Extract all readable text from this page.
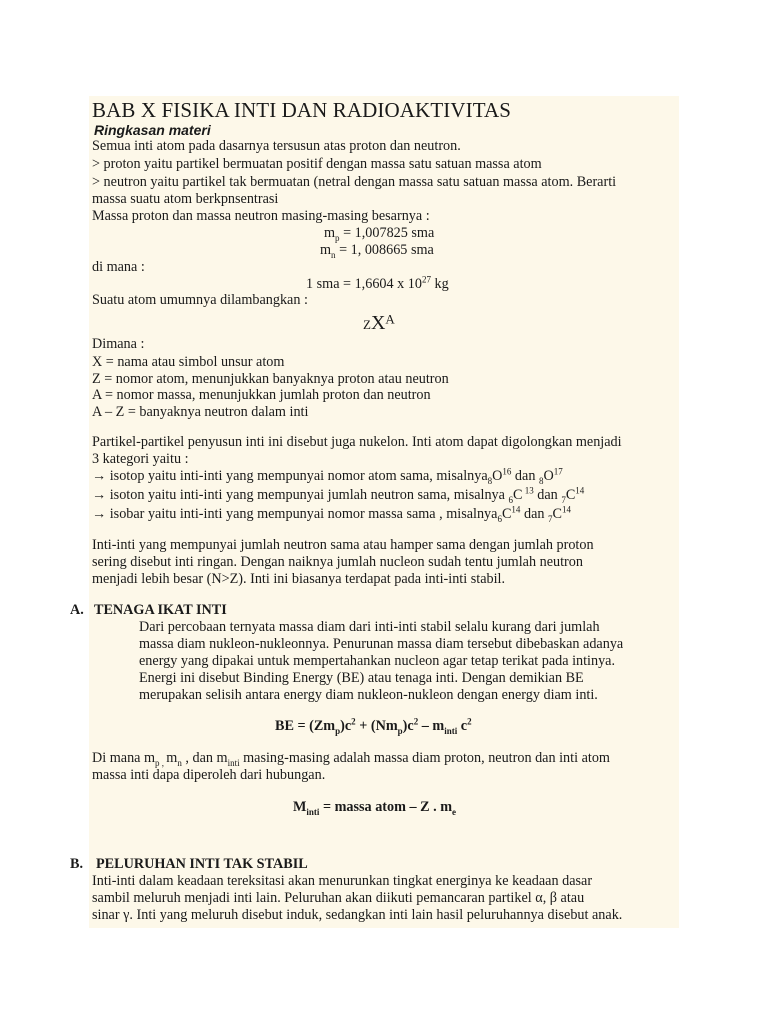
BAB X FISIKA INTI DAN RADIOAKTIVITAS
Ringkasan materi
Semua inti atom pada dasarnya tersusun atas proton dan neutron.
> proton yaitu partikel bermuatan positif dengan massa satu satuan massa atom
> neutron yaitu partikel tak bermuatan (netral dengan massa satu satuan massa atom. Berarti
massa suatu atom berkpnsentrasi
Massa proton dan massa neutron masing-masing besarnya :
$m_p = 1,007825$ sma
$m_n = 1$, 008665 sma
di mana :
1 sma = 1,6604 x $10^{27}$ kg
Suatu atom umumnya dilambangkan :
$ZX^A$
Dimana :
X = nama atau simbol unsur atom
Z = nomor atom, menunjukkan banyaknya proton atau neutron
A = nomor massa, menunjukkan jumlah proton dan neutron
A – Z = banyaknya neutron dalam inti
Partikel-partikel penyusun inti ini disebut juga nukelon. Inti atom dapat digolongkan menjadi
3 kategori yaitu :
→ isotop yaitu inti-inti yang mempunyai nomor atom sama, $misalnya_8O^{16}$ dan $_8O^{17}$
→ isoton yaitu inti-inti yang mempunyai jumlah neutron sama, misalnya $_6$C $^{13}$ dan $_7C^{14}$
→ isobar yaitu inti-inti yang mempunyai nomor massa sama , $misalnya_6C^{14}$ dan $_7C^{14}$
Inti-inti yang mempunyai jumlah neutron sama atau hamper sama dengan jumlah proton
sering disebut inti ringan. Dengan naiknya jumlah nucleon sudah tentu jumlah neutron
menjadi lebih besar (N>Z). Inti ini biasanya terdapat pada inti-inti stabil.
A. TENAGA IKAT INTI
Dari percobaan ternyata massa diam dari inti-inti stabil selalu kurang dari jumlah
massa diam nukleon-nukleonnya. Penurunan massa diam tersebut dibebaskan adanya
energy yang dipakai untuk mempertahankan nucleon agar tetap terikat pada intinya.
Energi ini disebut Binding Energy (BE) atau tenaga inti. Dengan demikian BE
merupakan selisih antara energy diam nukleon-nukleon dengan energy diam inti.
BE = $(Zm_p)c^2 + (Nm_p)c^2 - m_{inti}$ $c^2$
Di mana $m_{p ,}$ $m_n$ , dan $m_{inti}$ masing-masing adalah massa diam proton, neutron dan inti atom
massa inti dapa diperoleh dari hubungan.
$M_{inti}$ = massa atom – Z . $m_e$
B. PELURUHAN INTI TAK STABIL
Inti-inti dalam keadaan tereksitasi akan menurunkan tingkat energinya ke keadaan dasar
sambil meluruh menjadi inti lain. Peluruhan akan diikuti pemancaran partikel α, β atau
sinar γ. Inti yang meluruh disebut induk, sedangkan inti lain hasil peluruhannya disebut anak.
